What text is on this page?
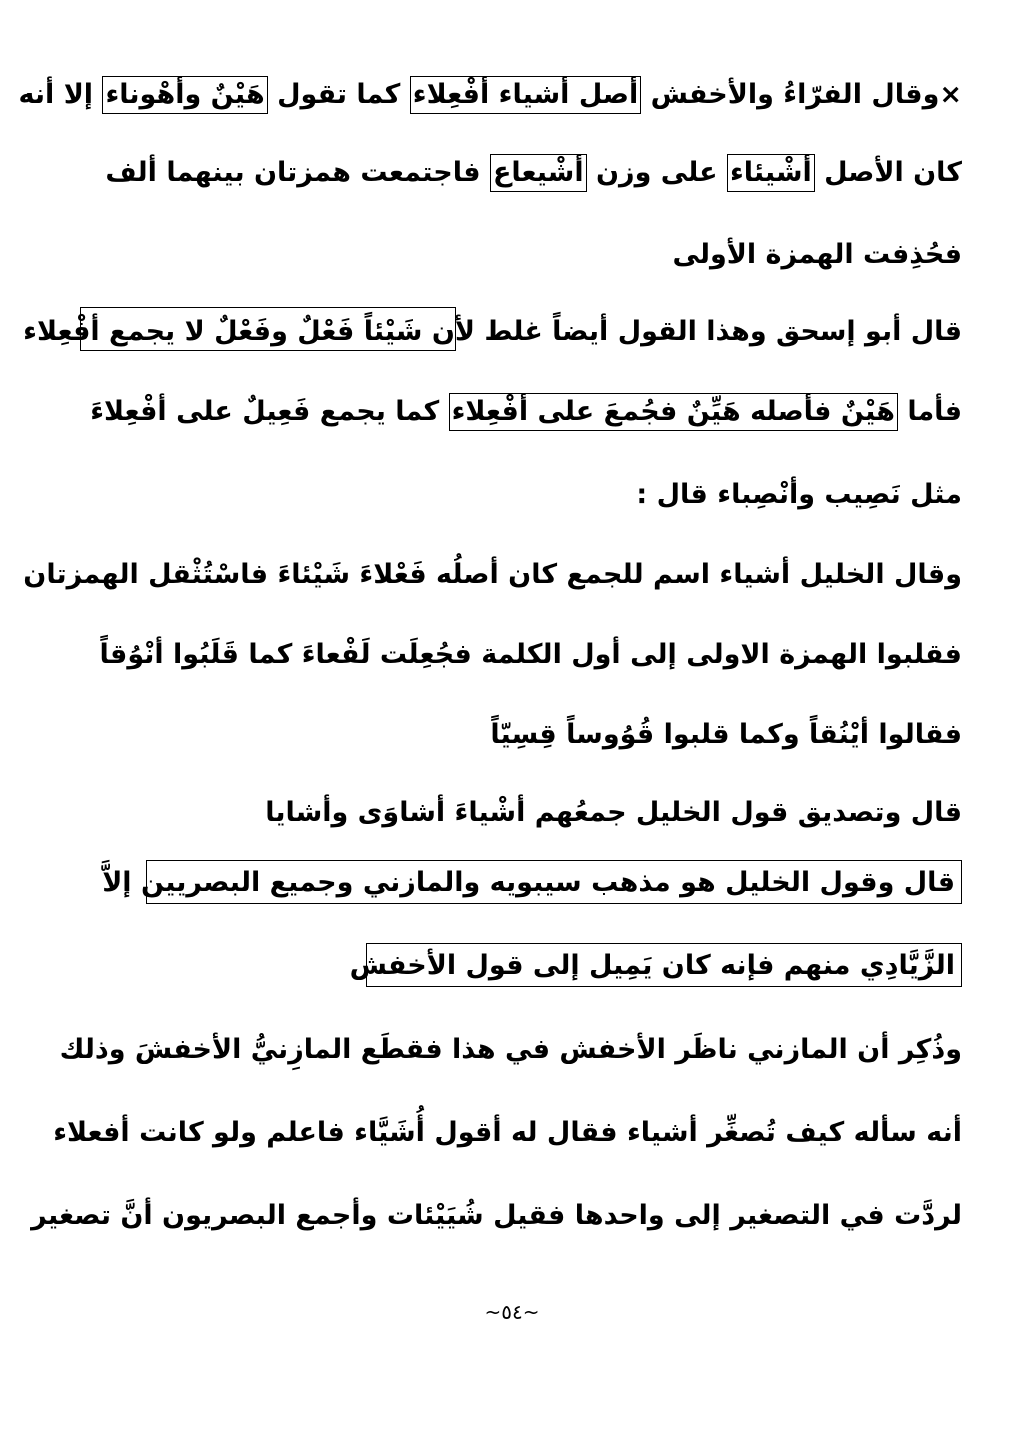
×وقال الفرّاءُ والأخفش أصل أشياء أفْعِلاء كما تقول هَيْنٌ وأهْوناء إلا أنه
كان الأصل أشْيئاء على وزن أشْيعاع فاجتمعت همزتان بينهما ألف
فحُذِفت الهمزة الأولى
قال أبو إسحق وهذا القول أيضاً غلط لأن شَيْئاً فَعْلٌ وفَعْلٌ لا يجمع أفْعِلاء
فأما هَيْنٌ فأصله هَيِّنٌ فجُمعَ على أفْعِلاء كما يجمع فَعِيلٌ على أفْعِلاءَ
مثل نَصِيب وأنْصِباء قال :
وقال الخليل أشياء اسم للجمع كان أصلُه فَعْلاءَ شَيْئاءَ فاسْتُثْقل الهمزتان
فقلبوا الهمزة الاولى إلى أول الكلمة فجُعِلَت لَفْعاءَ كما قَلَبُوا أنْوُقاً
فقالوا أيْنُقاً وكما قلبوا قُوُوساً قِسِيّاً
قال وتصديق قول الخليل جمعُهم أشْياءَ أشاوَى وأشايا
قال وقول الخليل هو مذهب سيبويه والمازني وجميع البصريين إلاَّ
الزَّيَّادِي منهم فإنه كان يَمِيل إلى قول الأخفش
وذُكِر أن المازني ناظَر الأخفش في هذا فقطَع المازِنيُّ الأخفشَ وذلك
أنه سأله كيف تُصغِّر أشياء فقال له أقول أُشَيَّاء فاعلم ولو كانت أفعلاء
لردَّت في التصغير إلى واحدها فقيل شُيَيْئات وأجمع البصريون أنَّ تصغير
~٥٤~
